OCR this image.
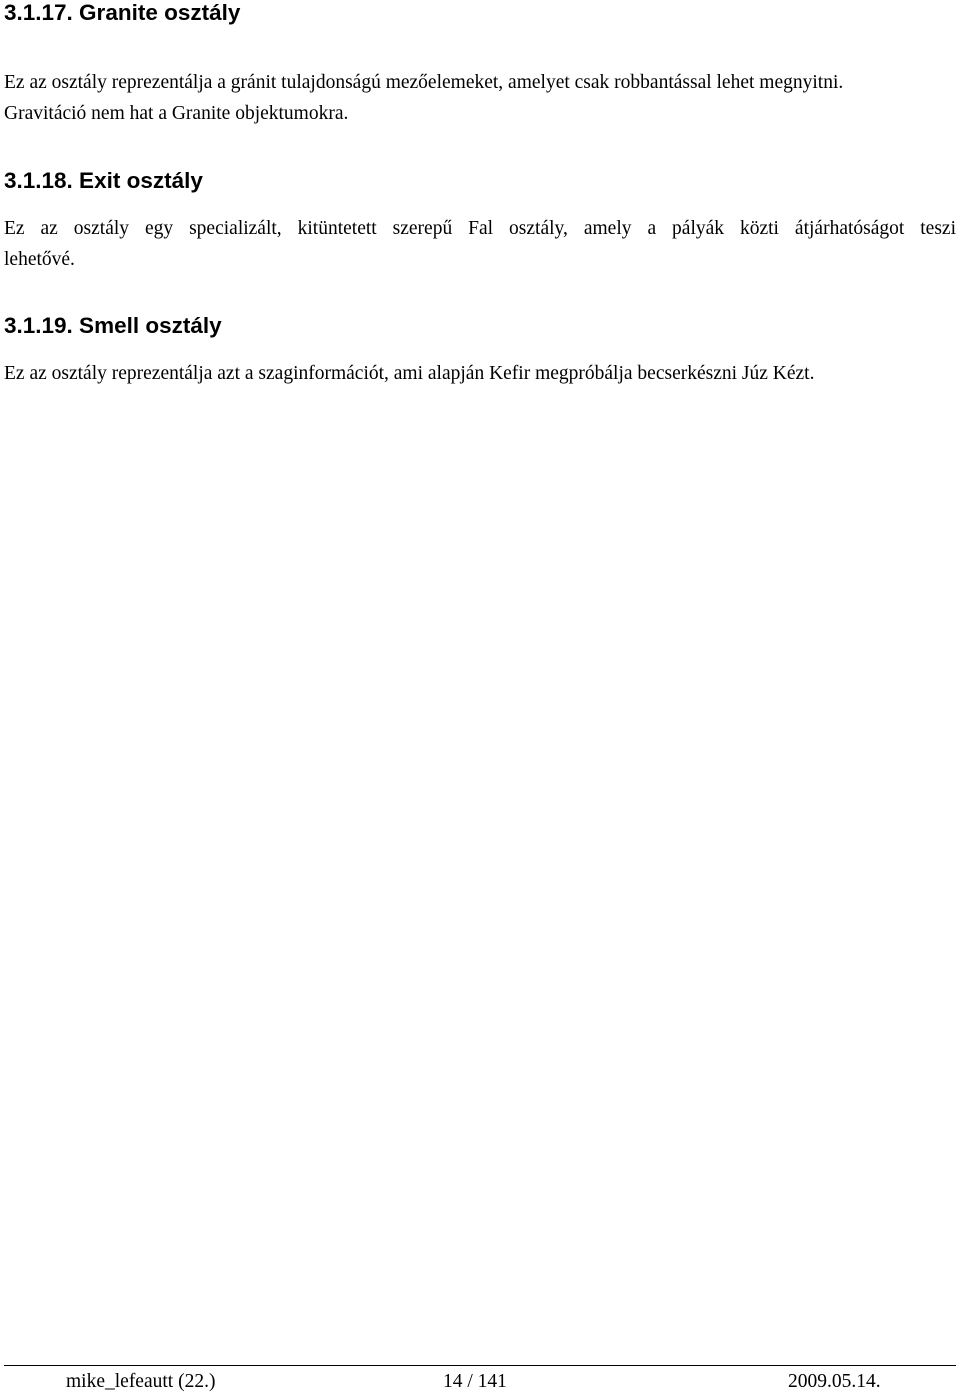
3.1.17. Granite osztály

Ez az osztály reprezentálja a gránit tulajdonságú mezőelemeket, amelyet csak robbantással lehet megnyitni.
Gravitáció nem hat a Granite objektumokra.

3.1.18. Exit osztály

Ez az osztály egy specializált, kitüntetett szerepű Fal osztály, amely a pályák közti átjárhatóságot teszi
lehetővé.

3.1.19. Smell osztály

Ez az osztály reprezentálja azt a szaginformációt, ami alapján Kefir megpróbálja becserkészni Júz Kézt.

mike_lefeautt (22.)	14 / 141	2009.05.14.
